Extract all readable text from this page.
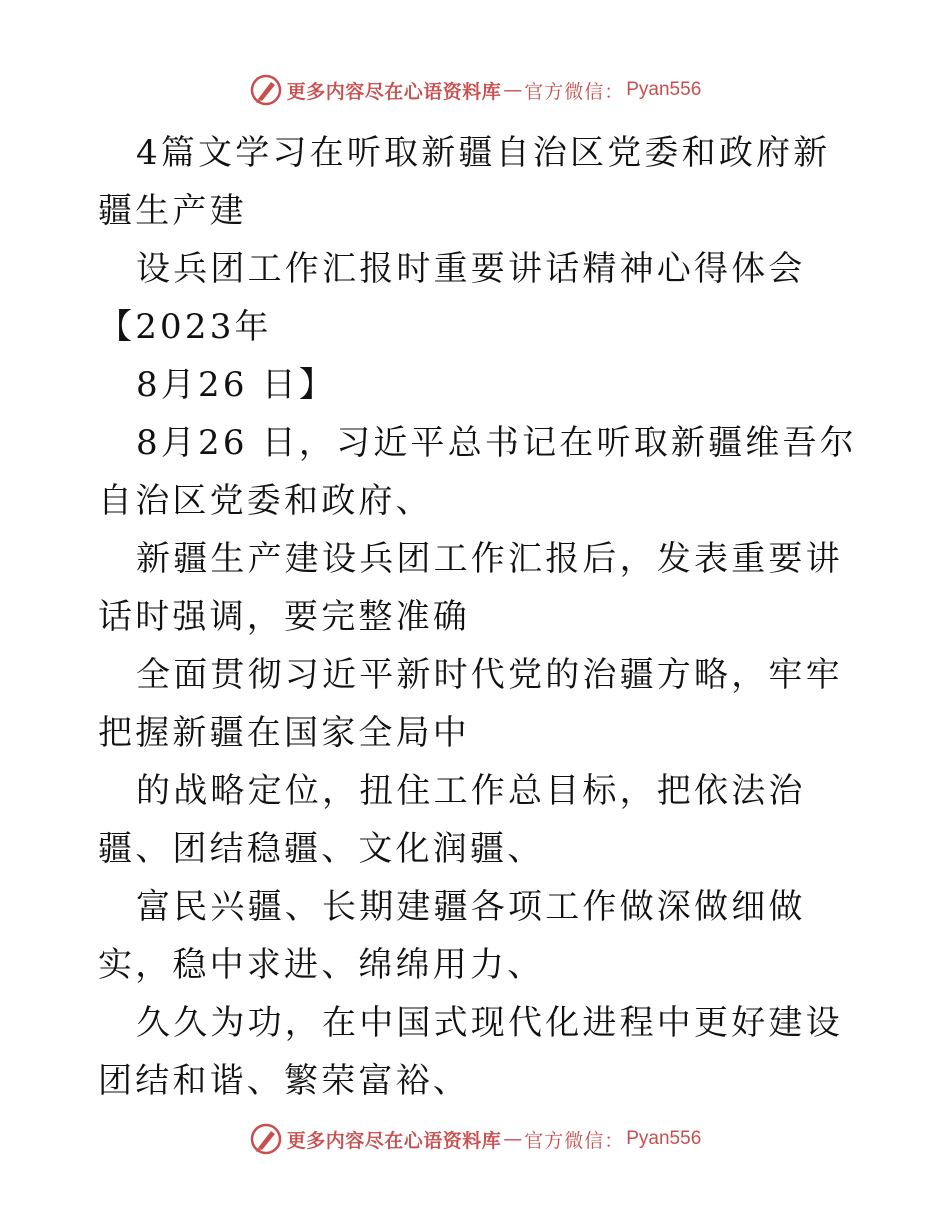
更多内容尽在心语资料库 — 官方微信： Pyan556

4篇文学习在听取新疆自治区党委和政府新疆生产建

设兵团工作汇报时重要讲话精神心得体会【2023年

8月26 日】

8月26 日，习近平总书记在听取新疆维吾尔自治区党委和政府、

新疆生产建设兵团工作汇报后，发表重要讲话时强调，要完整准确

全面贯彻习近平新时代党的治疆方略，牢牢把握新疆在国家全局中

的战略定位，扭住工作总目标，把依法治疆、团结稳疆、文化润疆、

富民兴疆、长期建疆各项工作做深做细做实，稳中求进、绵绵用力、

久久为功，在中国式现代化进程中更好建设团结和谐、繁荣富裕、

更多内容尽在心语资料库 — 官方微信： Pyan556
